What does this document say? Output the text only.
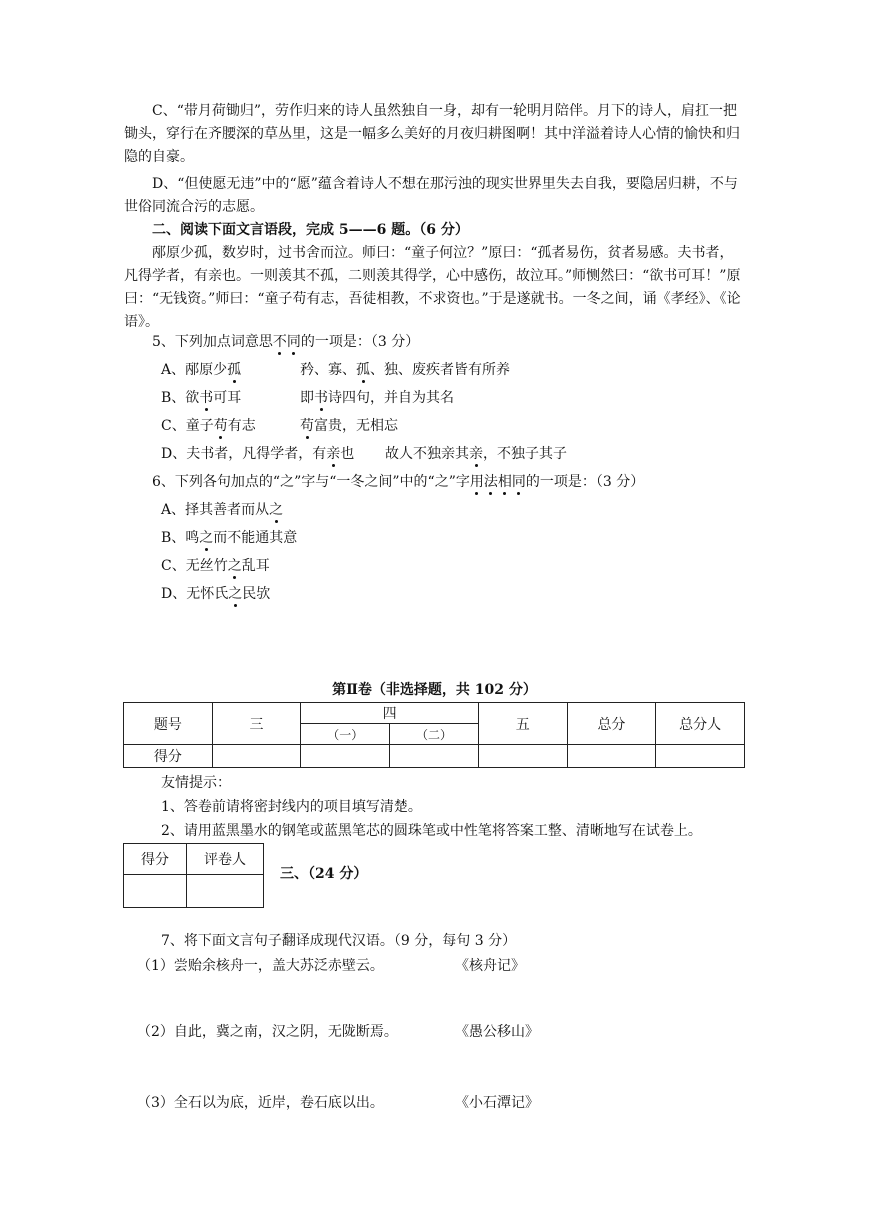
C、“带月荷锄归”，劳作归来的诗人虽然独自一身，却有一轮明月陪伴。月下的诗人，肩扛一把锄头，穿行在齐腰深的草丛里，这是一幅多么美好的月夜归耕图啊！其中洋溢着诗人心情的愉快和归隐的自豪。

D、“但使愿无违”中的“愿”蕴含着诗人不想在那污浊的现实世界里失去自我，要隐居归耕，不与世俗同流合污的志愿。

二、阅读下面文言语段，完成 5——6 题。（6 分）

邴原少孤，数岁时，过书舍而泣。师曰：“童子何泣？”原曰：“孤者易伤，贫者易感。夫书者，凡得学者，有亲也。一则羡其不孤，二则羡其得学，心中感伤，故泣耳。”师恻然曰：“欲书可耳！”原曰：“无钱资。”师曰：“童子苟有志，吾徒相教，不求资也。”于是遂就书。一冬之间，诵《孝经》、《论语》。

5、下列加点词意思不同的一项是：（3 分）
A、邴原少孤	矜、寡、孤、独、废疾者皆有所养
B、欲书可耳	即书诗四句，并自为其名
C、童子苟有志	苟富贵，无相忘
D、夫书者，凡得学者，有亲也 故人不独亲其亲，不独子其子
6、下列各句加点的“之”字与“一冬之间”中的“之”字用法相同的一项是：（3 分）
A、择其善者而从之
B、鸣之而不能通其意
C、无丝竹之乱耳
D、无怀氏之民欤
第Ⅱ卷（非选择题，共 102 分）
题号	三	四		五	总分	总分人
		（一）	（二）			
得分						
友情提示：
1、答卷前请将密封线内的项目填写清楚。
2、请用蓝黑墨水的钢笔或蓝黑笔芯的圆珠笔或中性笔将答案工整、清晰地写在试卷上。
得分	评卷人

三、（24 分）
7、将下面文言句子翻译成现代汉语。（9 分，每句 3 分）
（1）尝贻余核舟一，盖大苏泛赤壁云。	《核舟记》
（2）自此，冀之南，汉之阴，无陇断焉。	《愚公移山》
（3）全石以为底，近岸，卷石底以出。	《小石潭记》
